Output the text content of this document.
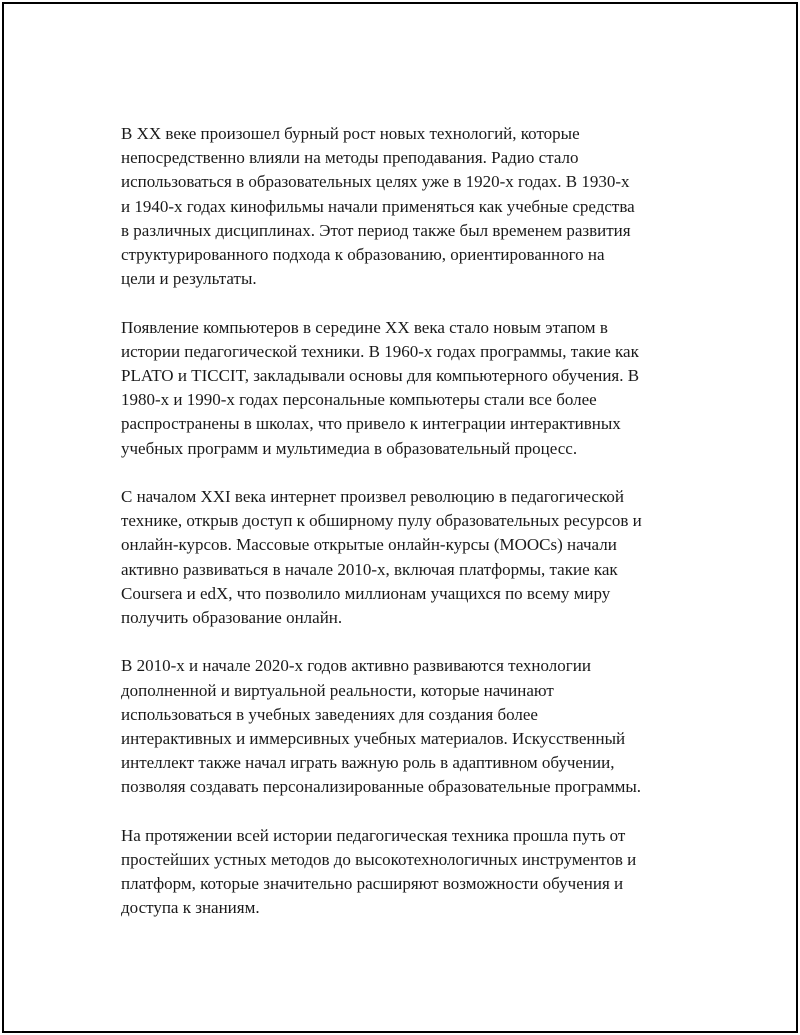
В XX веке произошел бурный рост новых технологий, которые
непосредственно влияли на методы преподавания. Радио стало
использоваться в образовательных целях уже в 1920-х годах. В 1930-х
и 1940-х годах кинофильмы начали применяться как учебные средства
в различных дисциплинах. Этот период также был временем развития
структурированного подхода к образованию, ориентированного на
цели и результаты.

Появление компьютеров в середине XX века стало новым этапом в
истории педагогической техники. В 1960-х годах программы, такие как
PLATO и TICCIT, закладывали основы для компьютерного обучения. В
1980-х и 1990-х годах персональные компьютеры стали все более
распространены в школах, что привело к интеграции интерактивных
учебных программ и мультимедиа в образовательный процесс.

С началом XXI века интернет произвел революцию в педагогической
технике, открыв доступ к обширному пулу образовательных ресурсов и
онлайн-курсов. Массовые открытые онлайн-курсы (MOOCs) начали
активно развиваться в начале 2010-х, включая платформы, такие как
Coursera и edX, что позволило миллионам учащихся по всему миру
получить образование онлайн.

В 2010-х и начале 2020-х годов активно развиваются технологии
дополненной и виртуальной реальности, которые начинают
использоваться в учебных заведениях для создания более
интерактивных и иммерсивных учебных материалов. Искусственный
интеллект также начал играть важную роль в адаптивном обучении,
позволяя создавать персонализированные образовательные программы.

На протяжении всей истории педагогическая техника прошла путь от
простейших устных методов до высокотехнологичных инструментов и
платформ, которые значительно расширяют возможности обучения и
доступа к знаниям.
